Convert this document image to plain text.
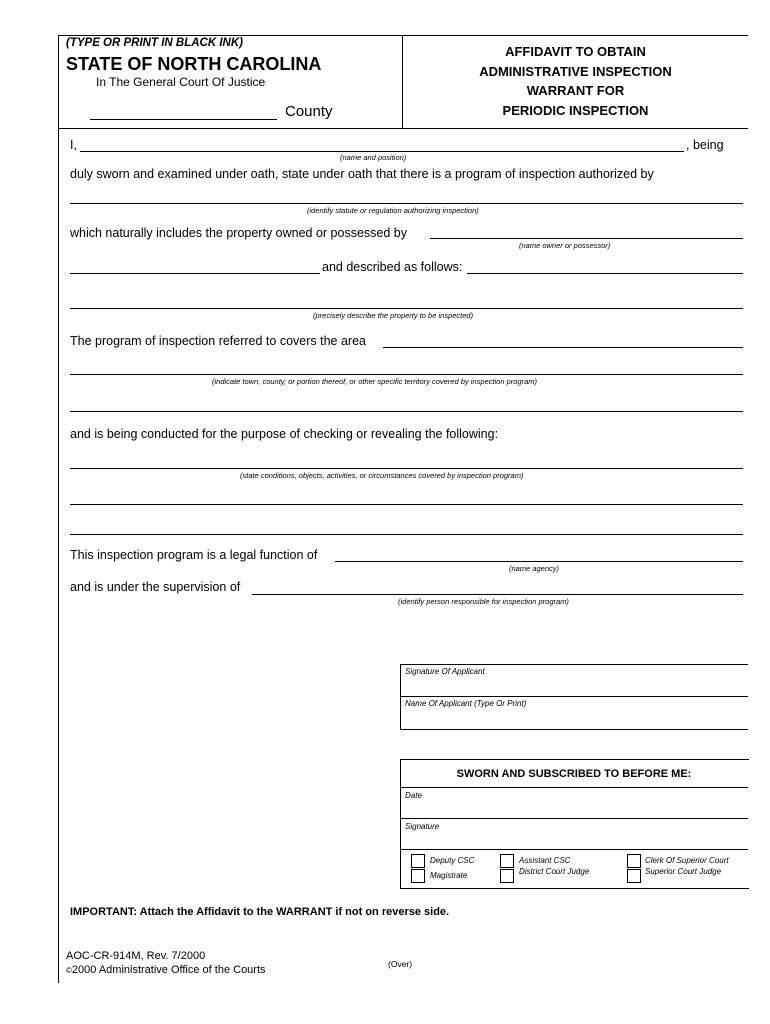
(TYPE OR PRINT IN BLACK INK)
STATE OF NORTH CAROLINA
In The General Court Of Justice
County
AFFIDAVIT TO OBTAIN
ADMINISTRATIVE INSPECTION
WARRANT FOR
PERIODIC INSPECTION
I,	, being
(name and position)
duly sworn and examined under oath, state under oath that there is a program of inspection authorized by
(identify statute or regulation authorizing inspection)
which naturally includes the property owned or possessed by
(name owner or possessor)
and described as follows:
(precisely describe the property to be inspected)
The program of inspection referred to covers the area
(indicate town, county, or portion thereof, or other specific territory covered by inspection program)
and is being conducted for the purpose of checking or revealing the following:
(state conditions, objects, activities, or circumstances covered by inspection program)
This inspection program is a legal function of
(name agency)
and is under the supervision of
(identify person responsible for inspection program)
Signature Of Applicant
Name Of Applicant (Type Or Print)
SWORN AND SUBSCRIBED TO BEFORE ME:
Date
Signature
Deputy CSC
Magistrate
Assistant CSC
District Court Judge
Clerk Of Superior Court
Superior Court Judge
IMPORTANT: Attach the Affidavit to the WARRANT if not on reverse side.
AOC-CR-914M, Rev. 7/2000
©2000 Administrative Office of the Courts	(Over)
